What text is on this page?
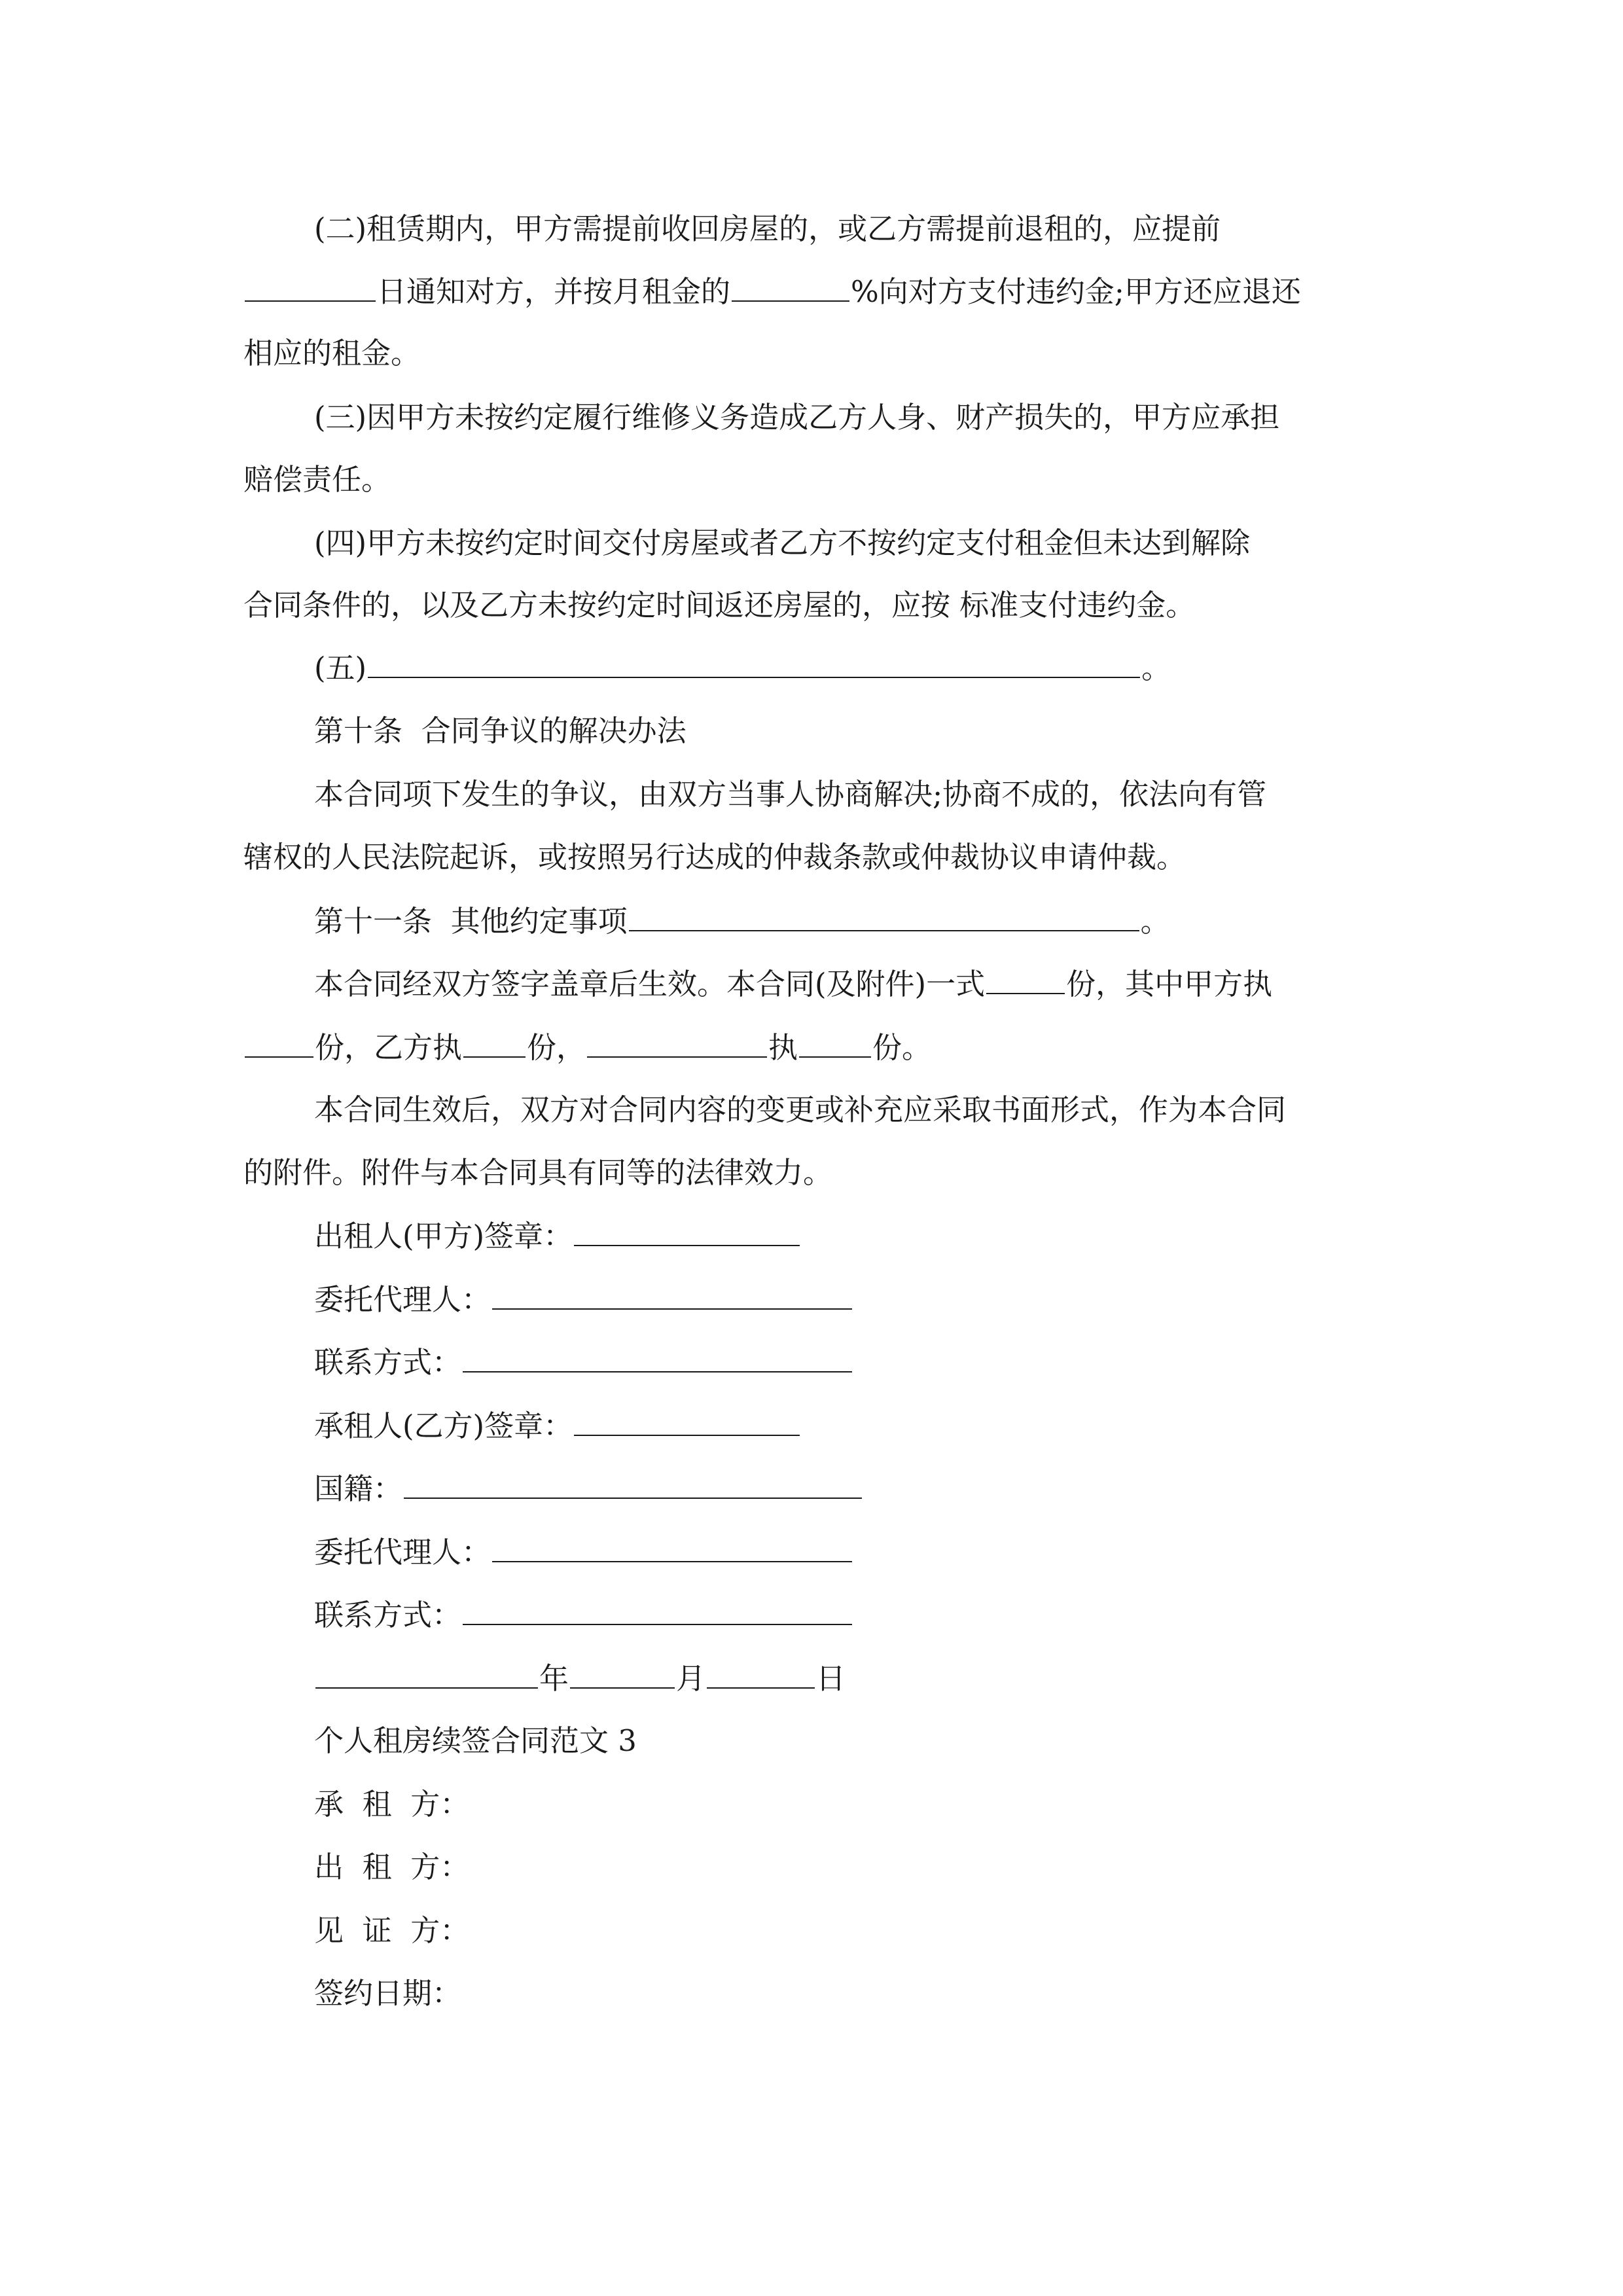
(二)租赁期内，甲方需提前收回房屋的，或乙方需提前退租的，应提前
日通知对方，并按月租金的	%向对方支付违约金;甲方还应退还
相应的租金。
(三)因甲方未按约定履行维修义务造成乙方人身、财产损失的，甲方应承担
赔偿责任。
(四)甲方未按约定时间交付房屋或者乙方不按约定支付租金但未达到解除
合同条件的，以及乙方未按约定时间返还房屋的，应按 标准支付违约金。
(五)	。
第十条  合同争议的解决办法
本合同项下发生的争议，由双方当事人协商解决;协商不成的，依法向有管
辖权的人民法院起诉，或按照另行达成的仲裁条款或仲裁协议申请仲裁。
第十一条  其他约定事项	。
本合同经双方签字盖章后生效。本合同(及附件)一式	份，其中甲方执
份，乙方执 份，	执	份。
本合同生效后，双方对合同内容的变更或补充应采取书面形式，作为本合同
的附件。附件与本合同具有同等的法律效力。
出租人(甲方)签章：
委托代理人：
联系方式：
承租人(乙方)签章：
国籍：
委托代理人：
联系方式：
年	月	日
个人租房续签合同范文 3
承  租  方：
出  租  方：
见  证  方：
签约日期：
